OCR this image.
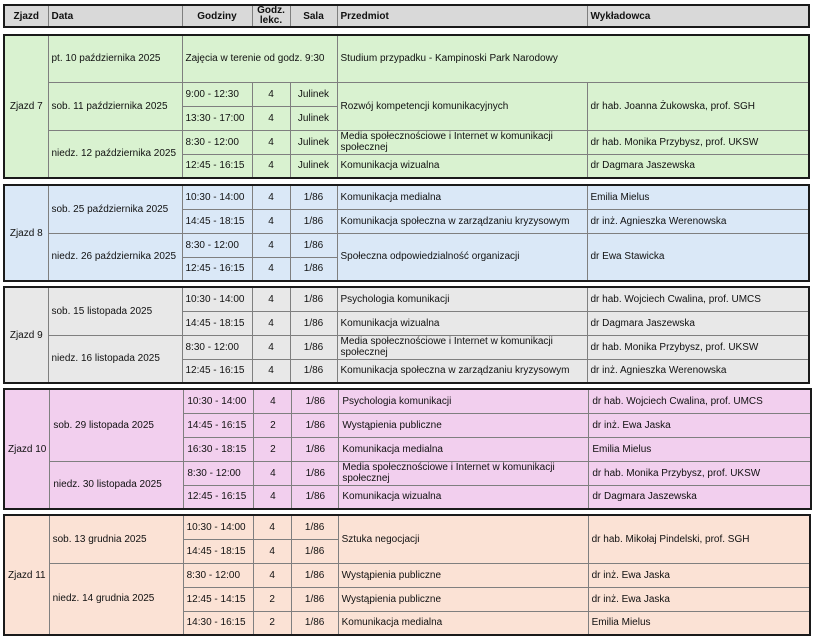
Zjazd	Data	Godziny	Godz. lekc.	Sala	Przedmiot	Wykładowca
Zjazd 7	pt. 10 października 2025	Zajęcia w terenie od godz. 9:30			Studium przypadku - Kampinoski Park Narodowy	
	sob. 11 października 2025	9:00 - 12:30	4	Julinek	Rozwój kompetencji komunikacyjnych	dr hab. Joanna Żukowska, prof. SGH
		13:30 - 17:00	4	Julinek		
	niedz. 12 października 2025	8:30 - 12:00	4	Julinek	Media społecznościowe i Internet w komunikacji społecznej	dr hab. Monika Przybysz, prof. UKSW
		12:45 - 16:15	4	Julinek	Komunikacja wizualna	dr Dagmara Jaszewska
Zjazd 8	sob. 25 października 2025	10:30 - 14:00	4	1/86	Komunikacja medialna	Emilia Mielus
		14:45 - 18:15	4	1/86	Komunikacja społeczna w zarządzaniu kryzysowym	dr inż. Agnieszka Werenowska
	niedz. 26 października 2025	8:30 - 12:00	4	1/86	Społeczna odpowiedzialność organizacji	dr Ewa Stawicka
		12:45 - 16:15	4	1/86		
Zjazd 9	sob. 15 listopada 2025	10:30 - 14:00	4	1/86	Psychologia komunikacji	dr hab. Wojciech Cwalina, prof. UMCS
		14:45 - 18:15	4	1/86	Komunikacja wizualna	dr Dagmara Jaszewska
	niedz. 16 listopada 2025	8:30 - 12:00	4	1/86	Media społecznościowe i Internet w komunikacji społecznej	dr hab. Monika Przybysz, prof. UKSW
		12:45 - 16:15	4	1/86	Komunikacja społeczna w zarządzaniu kryzysowym	dr inż. Agnieszka Werenowska
Zjazd 10	sob. 29 listopada 2025	10:30 - 14:00	4	1/86	Psychologia komunikacji	dr hab. Wojciech Cwalina, prof. UMCS
		14:45 - 16:15	2	1/86	Wystąpienia publiczne	dr inż. Ewa Jaska
		16:30 - 18:15	2	1/86	Komunikacja medialna	Emilia Mielus
	niedz. 30 listopada 2025	8:30 - 12:00	4	1/86	Media społecznościowe i Internet w komunikacji społecznej	dr hab. Monika Przybysz, prof. UKSW
		12:45 - 16:15	4	1/86	Komunikacja wizualna	dr Dagmara Jaszewska
Zjazd 11	sob. 13 grudnia 2025	10:30 - 14:00	4	1/86	Sztuka negocjacji	dr hab. Mikołaj Pindelski, prof. SGH
		14:45 - 18:15	4	1/86		
	niedz. 14 grudnia 2025	8:30 - 12:00	4	1/86	Wystąpienia publiczne	dr inż. Ewa Jaska
		12:45 - 14:15	2	1/86	Wystąpienia publiczne	dr inż. Ewa Jaska
		14:30 - 16:15	2	1/86	Komunikacja medialna	Emilia Mielus
